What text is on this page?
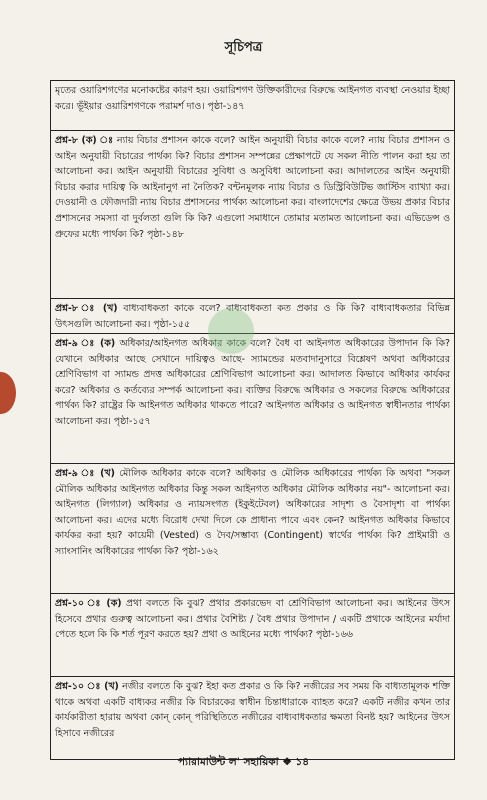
সূচিপত্র
মৃতের ওয়ারিশগণের মনোকষ্টের কারণ হয়। ওয়ারিশগণ উক্তিকারীদের বিরুদ্ধে আইনগত ব্যবস্থা নেওয়ার ইচ্ছা করে। ভূঁইয়ার ওয়ারিশগণকে পরামর্শ দাও। পৃষ্ঠা-১৪৭
প্রশ্ন-৮ (ক) ঃ ন্যায় বিচার প্রশাসন কাকে বলে? আইন অনুযায়ী বিচার কাকে বলে? ন্যায় বিচার প্রশাসন ও আইন অনুযায়ী বিচারের পার্থক্য কি? বিচার প্রশাসন সম্পন্নের প্রেক্ষাপটে যে সকল নীতি পালন করা হয় তা আলোচনা কর। আইন অনুযায়ী বিচারের সুবিধা ও অসুবিধা আলোচনা কর। আদালতের আইন অনুযায়ী বিচার করার দায়িত্ব কি আইনানুগ না নৈতিক? বন্টনমূলক ন্যায় বিচার ও ডিস্ট্রিবিউটিভ জাস্টিস ব্যাখ্যা কর। দেওয়ানী ও ফৌজদারী ন্যায় বিচার প্রশাসনের পার্থক্য আলোচনা কর। বাংলাদেশের ক্ষেত্রে উভয় প্রকার বিচার প্রশাসনের সমস্যা বা দুর্বলতা গুলি কি কি? এগুলো সমাধানে তোমার মতামত আলোচনা কর। এভিডেন্স ও প্রুফের মধ্যে পার্থক্য কি? পৃষ্ঠা-১৪৮
প্রশ্ন-৮ ঃ (খ) বাধ্যবাধকতা কাকে বলে? বাধ্যবাধকতা কত প্রকার ও কি কি? বাধ্যবাধকতার বিভিন্ন উৎসগুলি আলোচনা কর। পৃষ্ঠা-১৫৫
প্রশ্ন-৯ ঃ (ক) অধিকার/আইনগত অধিকার কাকে বলে? বৈধ বা আইনগত অধিকারের উপাদান কি কি? যেখানে অধিকার আছে সেখানে দায়িত্বও আছে- স্যামন্ডের মতবাদানুসারে বিশ্লেষণ অথবা অধিকারের শ্রেণিবিভাগ বা স্যামন্ড প্রদত্ত অধিকারের শ্রেণিবিভাগ আলোচনা কর। আদালত কিভাবে অধিকার কার্যকর করে? অধিকার ও কর্তব্যের সম্পর্ক আলোচনা কর। ব্যক্তির বিরুদ্ধে অধিকার ও সকলের বিরুদ্ধে অধিকারের পার্থক্য কি? রাষ্ট্রের কি আইনগত অধিকার থাকতে পারে? আইনগত অধিকার ও আইনগত স্বাধীনতার পার্থক্য আলোচনা কর। পৃষ্ঠা-১৫৭
প্রশ্ন-৯ ঃ (খ) মৌলিক অধিকার কাকে বলে? অধিকার ও মৌলিক অধিকারের পার্থক্য কি অথবা "সকল মৌলিক অধিকার আইনগত অধিকার কিন্তু সকল আইনগত অধিকার মৌলিক অধিকার নয়"- আলোচনা কর। আইনগত (লিগ্যাল) অধিকার ও ন্যায়সংগত (ইকুইটেবল) অধিকারের সাদৃশ্য ও বৈসাদৃশ্য বা পার্থক্য আলোচনা কর। এদের মধ্যে বিরোধ দেখা দিলে কে প্রাধান্য পাবে এবং কেন? আইনগত অধিকার কিভাবে কার্যকর করা হয়? কায়েমী (Vested) ও দৈব/সম্ভাব্য (Contingent) স্বার্থের পার্থক্য কি? প্রাইমারী ও স্যাংসানিং অধিকারের পার্থক্য কি? পৃষ্ঠা-১৬২
প্রশ্ন-১০ ঃ (ক) প্রথা বলতে কি বুঝ? প্রথার প্রকারভেদ বা শ্রেণিবিভাগ আলোচনা কর। আইনের উৎস হিসেবে প্রথার গুরুত্ব আলোচনা কর। প্রথার বৈশিষ্ট্য / বৈধ প্রথার উপাদান / একটি প্রথাকে আইনের মর্যাদা পেতে হলে কি কি শর্ত পূরণ করতে হয়? প্রথা ও আইনের মধ্যে পার্থক্য? পৃষ্ঠা-১৬৬
প্রশ্ন-১০ ঃ (খ) নজীর বলতে কি বুঝ? ইহা কত প্রকার ও কি কি? নজীরের সব সময় কি বাধ্যতামূলক শক্তি থাকে অথবা একটি বাধ্যকর নজীর কি বিচারকের স্বাধীন চিন্তাধারাকে ব্যাহত করে? একটি নজীর কখন তার কার্যকারীতা হারায় অথবা কোন্ কোন্ পরিস্থিতিতে নজীরের বাধ্যবাধকতার ক্ষমতা বিনষ্ট হয়? আইনের উৎস হিসাবে নজীরের
প্যারামাউন্ট ল' সহায়িকা ❖ ১৪
